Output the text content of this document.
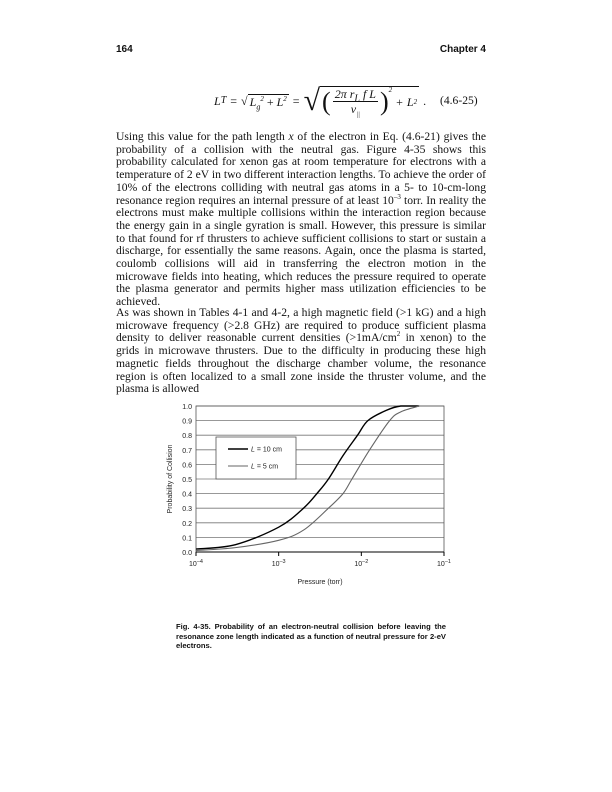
164	Chapter 4
L T = √ $L_g^2 + L^2$ = √ ( $\frac{2\pi r_L f L}{v_{||}} )^2$
+ L 2 . (4.6-25)
Using this value for the path length x of the electron in Eq. (4.6-21) gives the probability of a collision with the neutral gas. Figure 4-35 shows this probability calculated for xenon gas at room temperature for electrons with a temperature of 2 eV in two different interaction lengths. To achieve the order of 10% of the electrons colliding with neutral gas atoms in a 5- to 10-cm-long resonance region requires an internal pressure of at least $10^{-3}$ torr. In reality the electrons must make multiple collisions within the interaction region because the energy gain in a single gyration is small. However, this pressure is similar to that found for rf thrusters to achieve sufficient collisions to start or sustain a discharge, for essentially the same reasons. Again, once the plasma is started, coulomb collisions will aid in transferring the electron motion in the microwave fields into heating, which reduces the pressure required to operate the plasma generator and permits higher mass utilization efficiencies to be achieved.
As was shown in Tables 4-1 and 4-2, a high magnetic field (>1 kG) and a high microwave frequency (>2.8 GHz) are required to produce sufficient plasma density to deliver reasonable current densities ($>1mA/cm^2$ in xenon) to the grids in microwave thrusters. Due to the difficulty in producing these high magnetic fields throughout the discharge chamber volume, the resonance region is often localized to a small zone inside the thruster volume, and the plasma is allowed
0.0
0.1
0.2
0.3
0.4
0.5
0.6
0.7
0.8
0.9
1.0
$10^{-4}$	$10^{-3}$	$10^{-2}$	$10^{-1}$
Pressure (torr)
Probability of Collision	L = 10 cm
L = 5 cm
Fig. 4-35. Probability of an electron-neutral collision before leaving the resonance zone length indicated as a function of neutral pressure for 2-eV electrons.
